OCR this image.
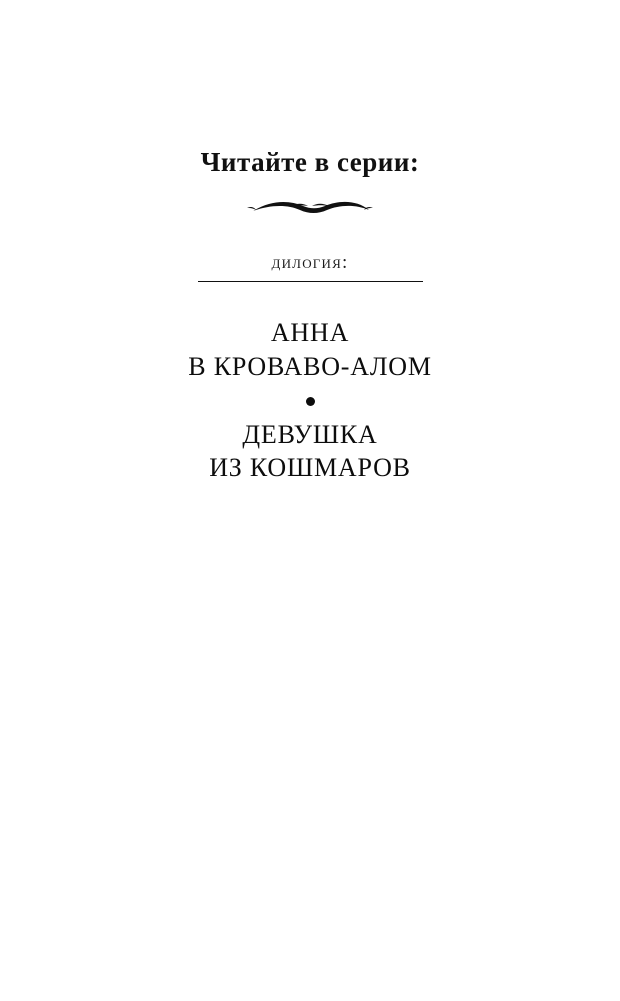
Читайте в серии:
дилогия:
АННА
В КРОВАВО-АЛОМ
ДЕВУШКА
ИЗ КОШМАРОВ
